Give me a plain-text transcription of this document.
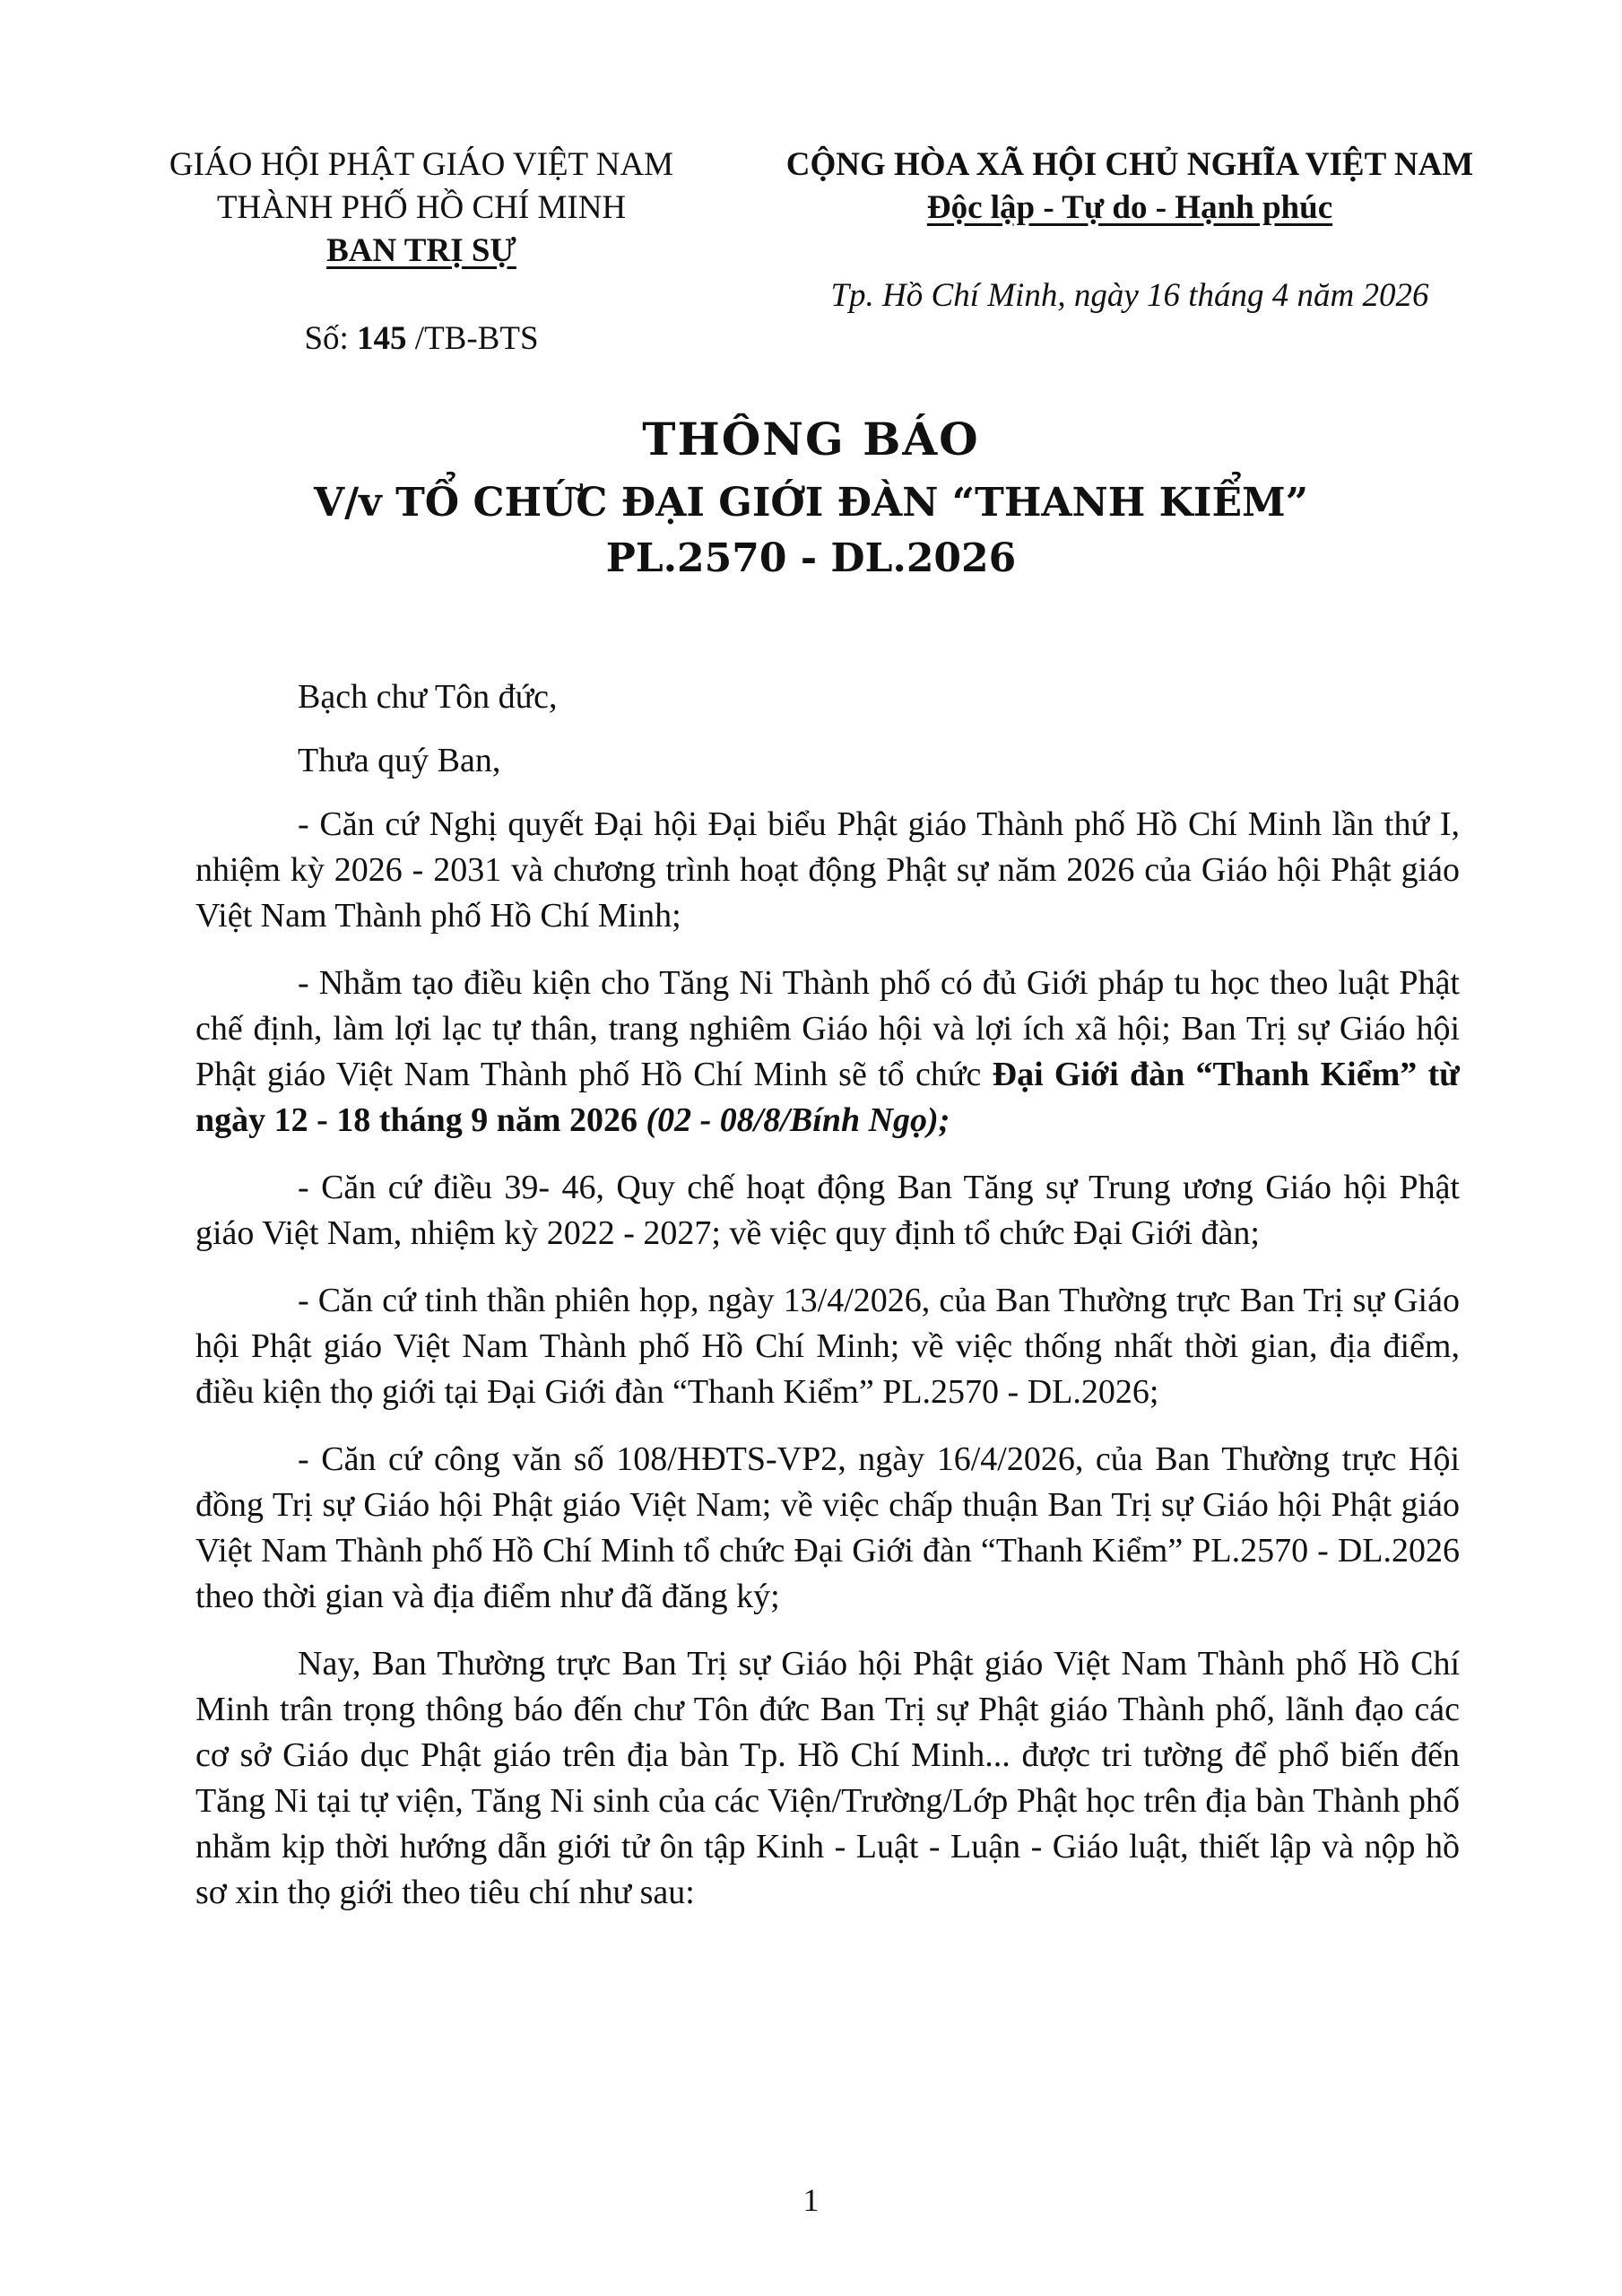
GIÁO HỘI PHẬT GIÁO VIỆT NAM
THÀNH PHỐ HỒ CHÍ MINH
BAN TRỊ SỰ
Số: 145 /TB-BTS
CỘNG HÒA XÃ HỘI CHỦ NGHĨA VIỆT NAM
Độc lập - Tự do - Hạnh phúc
Tp. Hồ Chí Minh, ngày 16 tháng 4 năm 2026
THÔNG BÁO
V/v TỔ CHỨC ĐẠI GIỚI ĐÀN “THANH KIỂM”
PL.2570 - DL.2026

Bạch chư Tôn đức,

Thưa quý Ban,

- Căn cứ Nghị quyết Đại hội Đại biểu Phật giáo Thành phố Hồ Chí Minh lần thứ I, nhiệm kỳ 2026 - 2031 và chương trình hoạt động Phật sự năm 2026 của Giáo hội Phật giáo Việt Nam Thành phố Hồ Chí Minh;

- Nhằm tạo điều kiện cho Tăng Ni Thành phố có đủ Giới pháp tu học theo luật Phật chế định, làm lợi lạc tự thân, trang nghiêm Giáo hội và lợi ích xã hội; Ban Trị sự Giáo hội Phật giáo Việt Nam Thành phố Hồ Chí Minh sẽ tổ chức Đại Giới đàn “Thanh Kiểm” từ ngày 12 - 18 tháng 9 năm 2026 (02 - 08/8/Bính Ngọ);

- Căn cứ điều 39- 46, Quy chế hoạt động Ban Tăng sự Trung ương Giáo hội Phật giáo Việt Nam, nhiệm kỳ 2022 - 2027; về việc quy định tổ chức Đại Giới đàn;

- Căn cứ tinh thần phiên họp, ngày 13/4/2026, của Ban Thường trực Ban Trị sự Giáo hội Phật giáo Việt Nam Thành phố Hồ Chí Minh; về việc thống nhất thời gian, địa điểm, điều kiện thọ giới tại Đại Giới đàn “Thanh Kiểm” PL.2570 - DL.2026;

- Căn cứ công văn số 108/HĐTS-VP2, ngày 16/4/2026, của Ban Thường trực Hội đồng Trị sự Giáo hội Phật giáo Việt Nam; về việc chấp thuận Ban Trị sự Giáo hội Phật giáo Việt Nam Thành phố Hồ Chí Minh tổ chức Đại Giới đàn “Thanh Kiểm” PL.2570 - DL.2026 theo thời gian và địa điểm như đã đăng ký;

Nay, Ban Thường trực Ban Trị sự Giáo hội Phật giáo Việt Nam Thành phố Hồ Chí Minh trân trọng thông báo đến chư Tôn đức Ban Trị sự Phật giáo Thành phố, lãnh đạo các cơ sở Giáo dục Phật giáo trên địa bàn Tp. Hồ Chí Minh... được tri tường để phổ biến đến Tăng Ni tại tự viện, Tăng Ni sinh của các Viện/Trường/Lớp Phật học trên địa bàn Thành phố nhằm kịp thời hướng dẫn giới tử ôn tập Kinh - Luật - Luận - Giáo luật, thiết lập và nộp hồ sơ xin thọ giới theo tiêu chí như sau:

1
